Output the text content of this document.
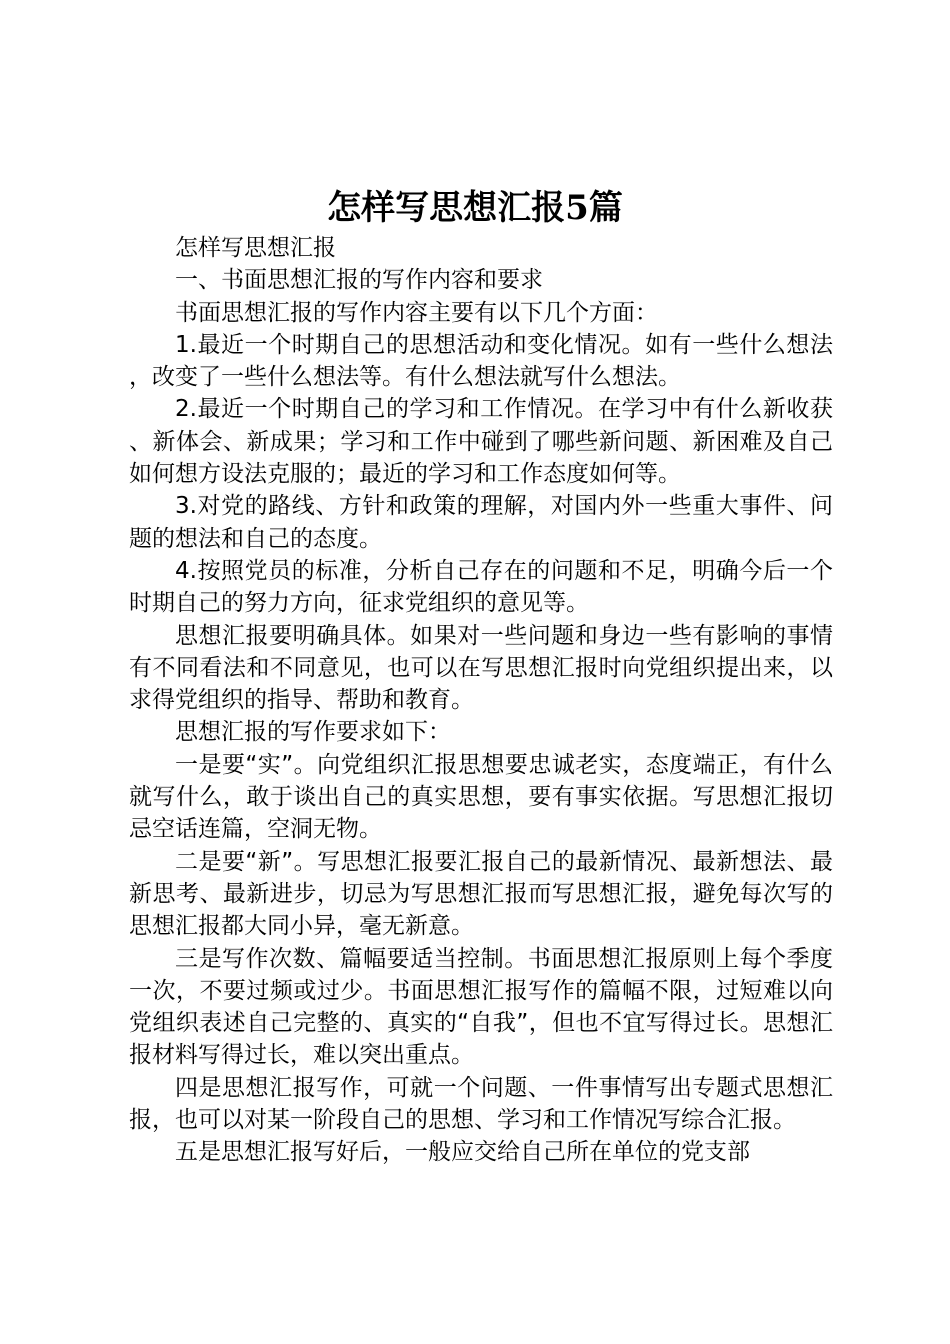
怎样写思想汇报5篇

怎样写思想汇报

一、书面思想汇报的写作内容和要求

书面思想汇报的写作内容主要有以下几个方面：

1.最近一个时期自己的思想活动和变化情况。如有一些什么想法，改变了一些什么想法等。有什么想法就写什么想法。

2.最近一个时期自己的学习和工作情况。在学习中有什么新收获、新体会、新成果；学习和工作中碰到了哪些新问题、新困难及自己如何想方设法克服的；最近的学习和工作态度如何等。

3.对党的路线、方针和政策的理解，对国内外一些重大事件、问题的想法和自己的态度。

4.按照党员的标准，分析自己存在的问题和不足，明确今后一个时期自己的努力方向，征求党组织的意见等。

思想汇报要明确具体。如果对一些问题和身边一些有影响的事情有不同看法和不同意见，也可以在写思想汇报时向党组织提出来，以求得党组织的指导、帮助和教育。

思想汇报的写作要求如下：

一是要“实”。向党组织汇报思想要忠诚老实，态度端正，有什么就写什么，敢于谈出自己的真实思想，要有事实依据。写思想汇报切忌空话连篇，空洞无物。

二是要“新”。写思想汇报要汇报自己的最新情况、最新想法、最新思考、最新进步，切忌为写思想汇报而写思想汇报，避免每次写的思想汇报都大同小异，毫无新意。

三是写作次数、篇幅要适当控制。书面思想汇报原则上每个季度一次，不要过频或过少。书面思想汇报写作的篇幅不限，过短难以向党组织表述自己完整的、真实的“自我”，但也不宜写得过长。思想汇报材料写得过长，难以突出重点。

四是思想汇报写作，可就一个问题、一件事情写出专题式思想汇报，也可以对某一阶段自己的思想、学习和工作情况写综合汇报。

五是思想汇报写好后，一般应交给自己所在单位的党支部
